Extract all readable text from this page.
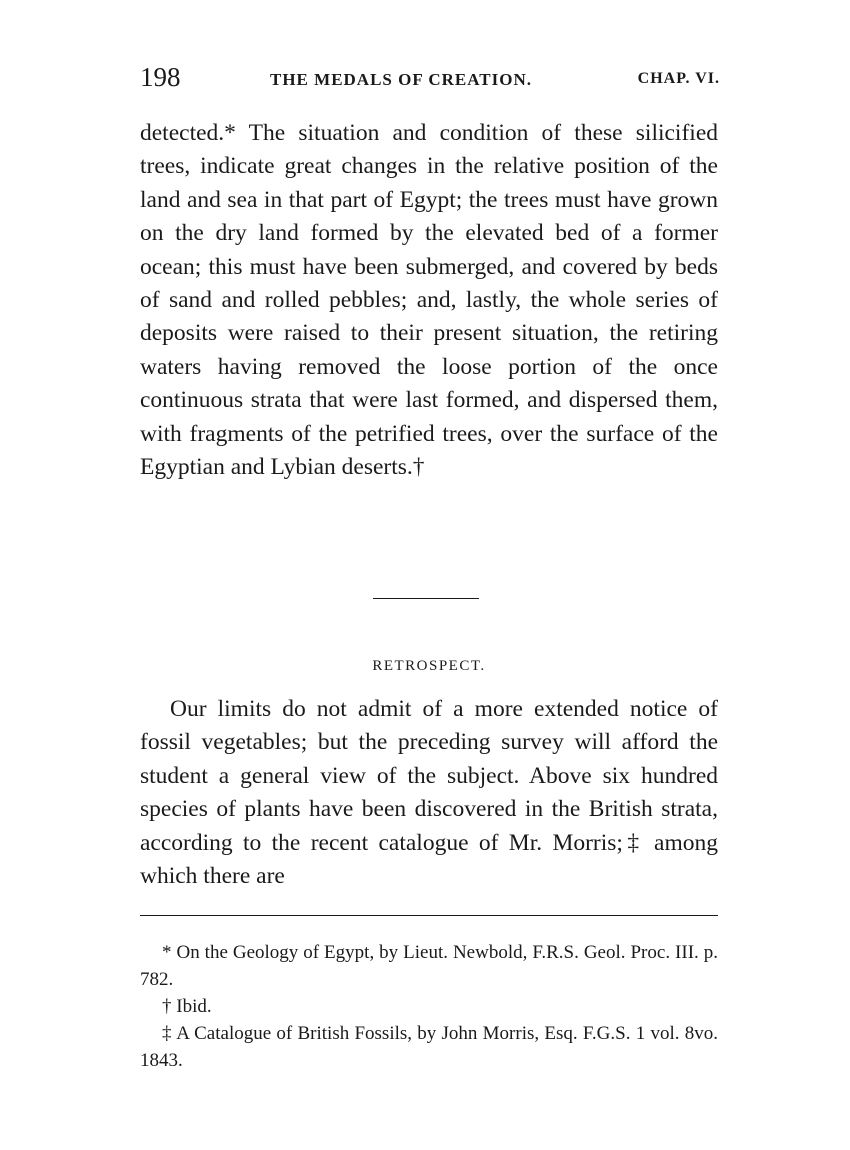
198	THE MEDALS OF CREATION.	CHAP. VI.

detected.* The situation and condition of these silicified trees, indicate great changes in the relative position of the land and sea in that part of Egypt; the trees must have grown on the dry land formed by the elevated bed of a former ocean; this must have been submerged, and covered by beds of sand and rolled pebbles; and, lastly, the whole series of deposits were raised to their present situation, the retiring waters having removed the loose portion of the once continuous strata that were last formed, and dispersed them, with fragments of the petrified trees, over the surface of the Egyptian and Lybian deserts.†

RETROSPECT.

Our limits do not admit of a more extended notice of fossil vegetables; but the preceding survey will afford the student a general view of the subject. Above six hundred species of plants have been discovered in the British strata, according to the recent catalogue of Mr. Morris;‡ among which there are

* On the Geology of Egypt, by Lieut. Newbold, F.R.S. Geol. Proc. III. p. 782.

† Ibid.

‡ A Catalogue of British Fossils, by John Morris, Esq. F.G.S. 1 vol. 8vo. 1843.
